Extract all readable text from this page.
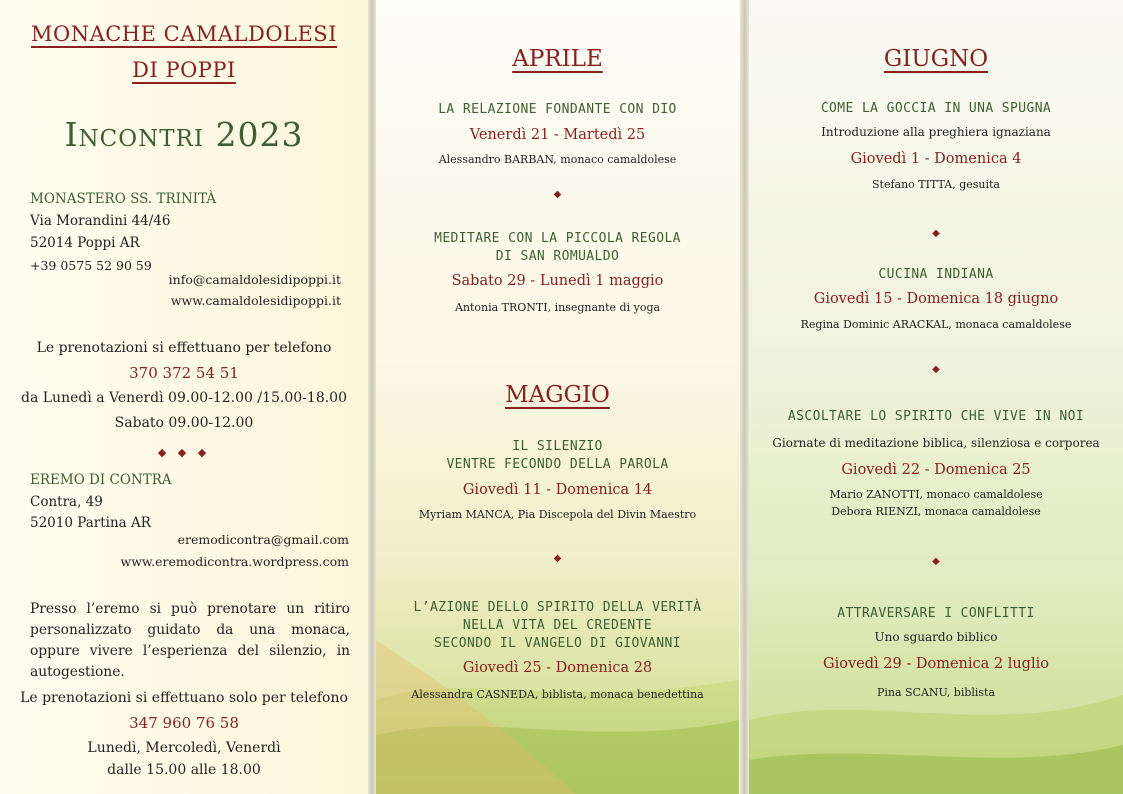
MONACHE CAMALDOLESI
DI POPPI
Incontri 2023
MONASTERO SS. TRINITÀ
Via Morandini 44/46
52014 Poppi AR
+39 0575 52 90 59
info@camaldolesidipoppi.it
www.camaldolesidipoppi.it
Le prenotazioni si effettuano per telefono
370 372 54 51
da Lunedì a Venerdì 09.00-12.00 /15.00-18.00
Sabato 09.00-12.00
◆ ◆ ◆
EREMO DI CONTRA
Contra, 49
52010 Partina AR
eremodicontra@gmail.com
www.eremodicontra.wordpress.com
Presso l’eremo si può prenotare un ritiro personalizzato guidato da una monaca, oppure vivere l’esperienza del silenzio, in autogestione.
Le prenotazioni si effettuano solo per telefono
347 960 76 58
Lunedì, Mercoledì, Venerdì
dalle 15.00 alle 18.00
APRILE
LA RELAZIONE FONDANTE CON DIO
Venerdì 21 - Martedì 25
Alessandro BARBAN, monaco camaldolese
◆
MEDITARE CON LA PICCOLA REGOLA
DI SAN ROMUALDO
Sabato 29 - Lunedì 1 maggio
Antonia TRONTI, insegnante di yoga
MAGGIO
IL SILENZIO
VENTRE FECONDO DELLA PAROLA
Giovedì 11 - Domenica 14
Myriam MANCA, Pia Discepola del Divin Maestro
◆
L’AZIONE DELLO SPIRITO DELLA VERITÀ
NELLA VITA DEL CREDENTE
SECONDO IL VANGELO DI GIOVANNI
Giovedì 25 - Domenica 28
Alessandra CASNEDA, biblista, monaca benedettina
GIUGNO
COME LA GOCCIA IN UNA SPUGNA
Introduzione alla preghiera ignaziana
Giovedì 1 - Domenica 4
Stefano TITTA, gesuita
◆
CUCINA INDIANA
Giovedì 15 - Domenica 18 giugno
Regina Dominic ARACKAL, monaca camaldolese
◆
ASCOLTARE LO SPIRITO CHE VIVE IN NOI
Giornate di meditazione biblica, silenziosa e corporea
Giovedì 22 - Domenica 25
Mario ZANOTTI, monaco camaldolese
Debora RIENZI, monaca camaldolese
◆
ATTRAVERSARE I CONFLITTI
Uno sguardo biblico
Giovedì 29 - Domenica 2 luglio
Pina SCANU, biblista
